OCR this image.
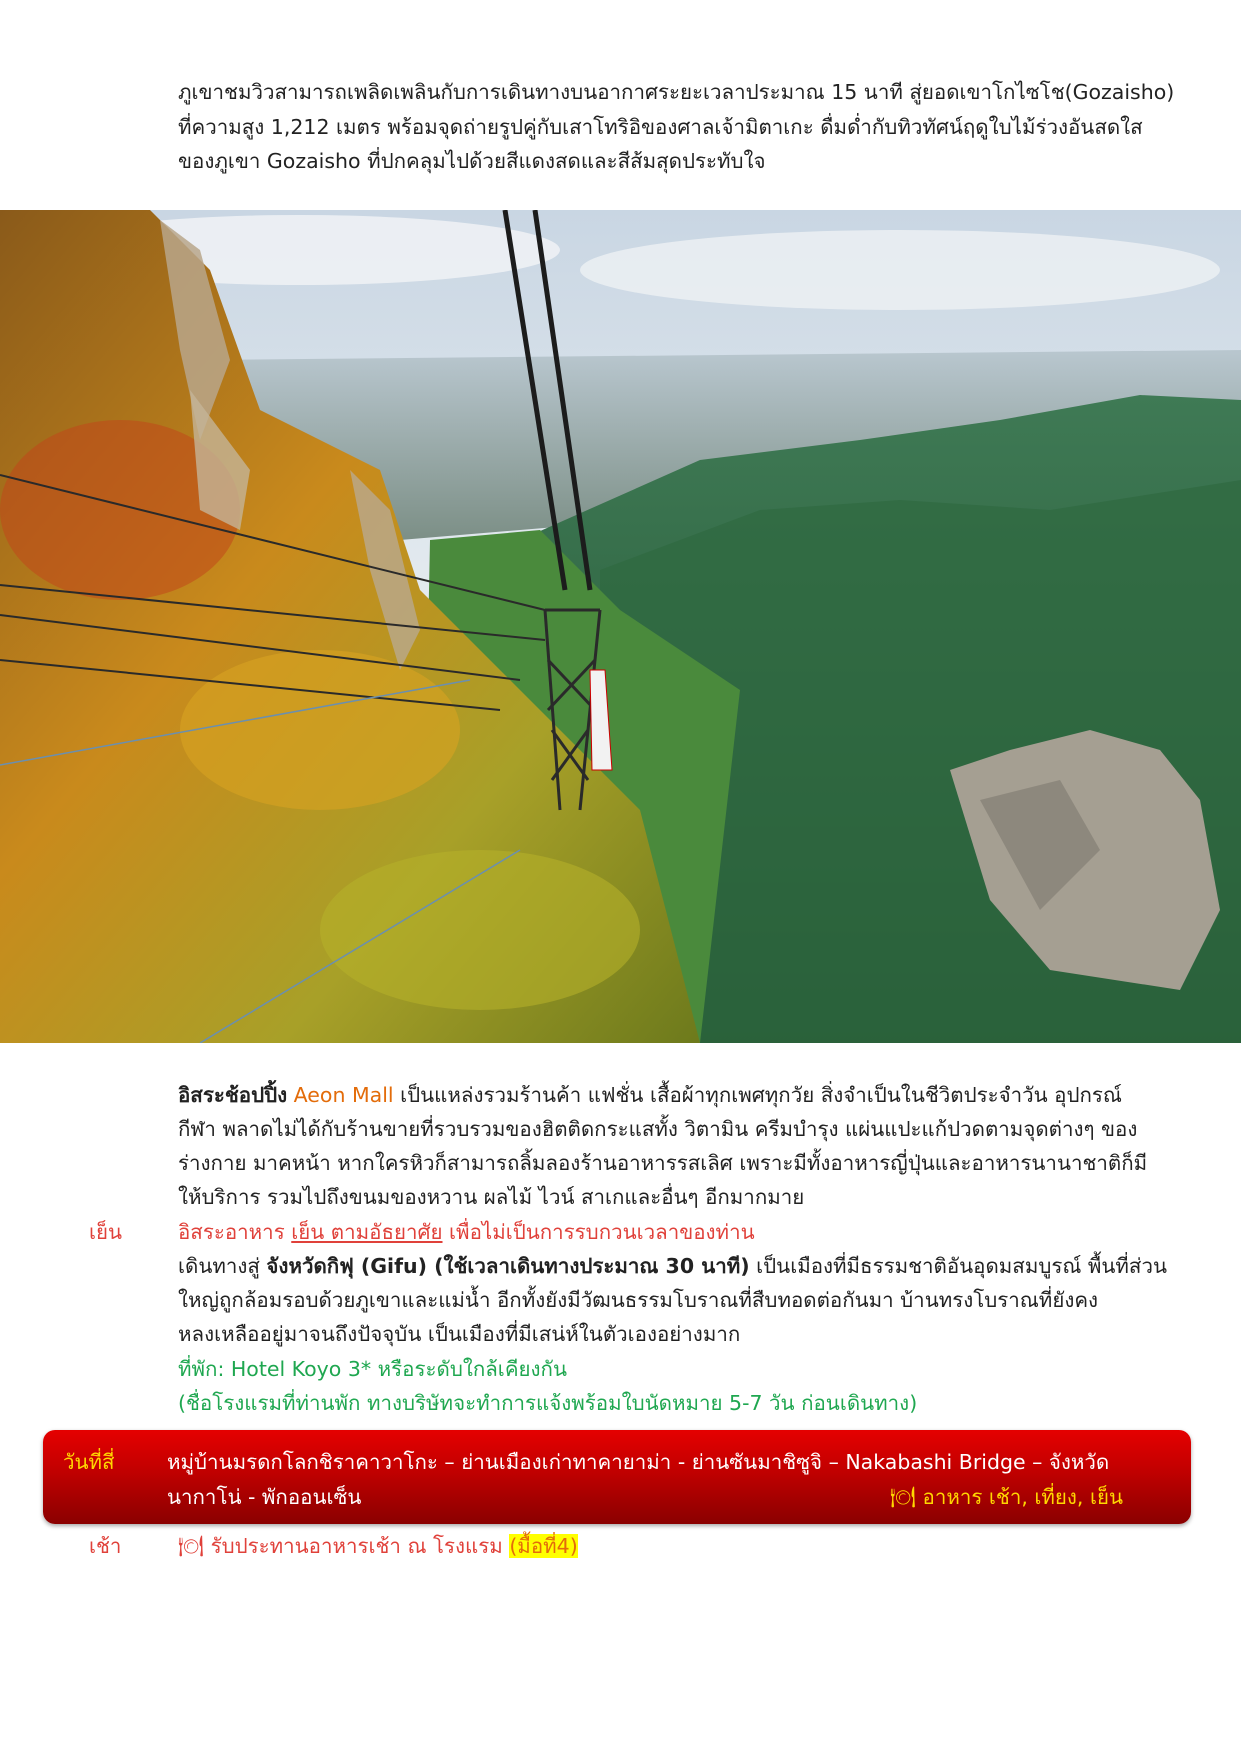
ภูเขาชมวิวสามารถเพลิดเพลินกับการเดินทางบนอากาศระยะเวลาประมาณ 15 นาที สู่ยอดเขาโกไซโช(Gozaisho)
ที่ความสูง 1,212 เมตร พร้อมจุดถ่ายรูปคู่กับเสาโทริอิของศาลเจ้ามิตาเกะ ดื่มด่ำกับทิวทัศน์ฤดูใบไม้ร่วงอันสดใส
ของภูเขา Gozaisho ที่ปกคลุมไปด้วยสีแดงสดและสีส้มสุดประทับใจ
อิสระช้อปปิ้ง Aeon Mall เป็นแหล่งรวมร้านค้า แฟชั่น เสื้อผ้าทุกเพศทุกวัย สิ่งจำเป็นในชีวิตประจำวัน อุปกรณ์
กีฬา พลาดไม่ได้กับร้านขายที่รวบรวมของฮิตติดกระแสทั้ง วิตามิน ครีมบำรุง แผ่นแปะแก้ปวดตามจุดต่างๆ ของ
ร่างกาย มาคหน้า หากใครหิวก็สามารถลิ้มลองร้านอาหารรสเลิศ เพราะมีทั้งอาหารญี่ปุ่นและอาหารนานาชาติก็มี
ให้บริการ รวมไปถึงขนมของหวาน ผลไม้ ไวน์ สาเกและอื่นๆ อีกมากมาย
เย็น	อิสระอาหาร เย็น ตามอัธยาศัย เพื่อไม่เป็นการรบกวนเวลาของท่าน
เดินทางสู่ จังหวัดกิฟุ (Gifu) (ใช้เวลาเดินทางประมาณ 30 นาที) เป็นเมืองที่มีธรรมชาติอันอุดมสมบูรณ์ พื้นที่ส่วน
ใหญ่ถูกล้อมรอบด้วยภูเขาและแม่น้ำ อีกทั้งยังมีวัฒนธรรมโบราณที่สืบทอดต่อกันมา บ้านทรงโบราณที่ยังคง
หลงเหลืออยู่มาจนถึงปัจจุบัน เป็นเมืองที่มีเสน่ห์ในตัวเองอย่างมาก
ที่พัก: Hotel Koyo 3* หรือระดับใกล้เคียงกัน
(ชื่อโรงแรมที่ท่านพัก ทางบริษัทจะทำการแจ้งพร้อมใบนัดหมาย 5-7 วัน ก่อนเดินทาง)
วันที่สี่	หมู่บ้านมรดกโลกชิราคาวาโกะ – ย่านเมืองเก่าทาคายาม่า - ย่านซันมาชิซูจิ – Nakabashi Bridge – จังหวัด
นากาโน่ - พักออนเซ็น	🍽 อาหาร เช้า, เที่ยง, เย็น
เช้า	🍽 รับประทานอาหารเช้า ณ โรงแรม (มื้อที่4)
